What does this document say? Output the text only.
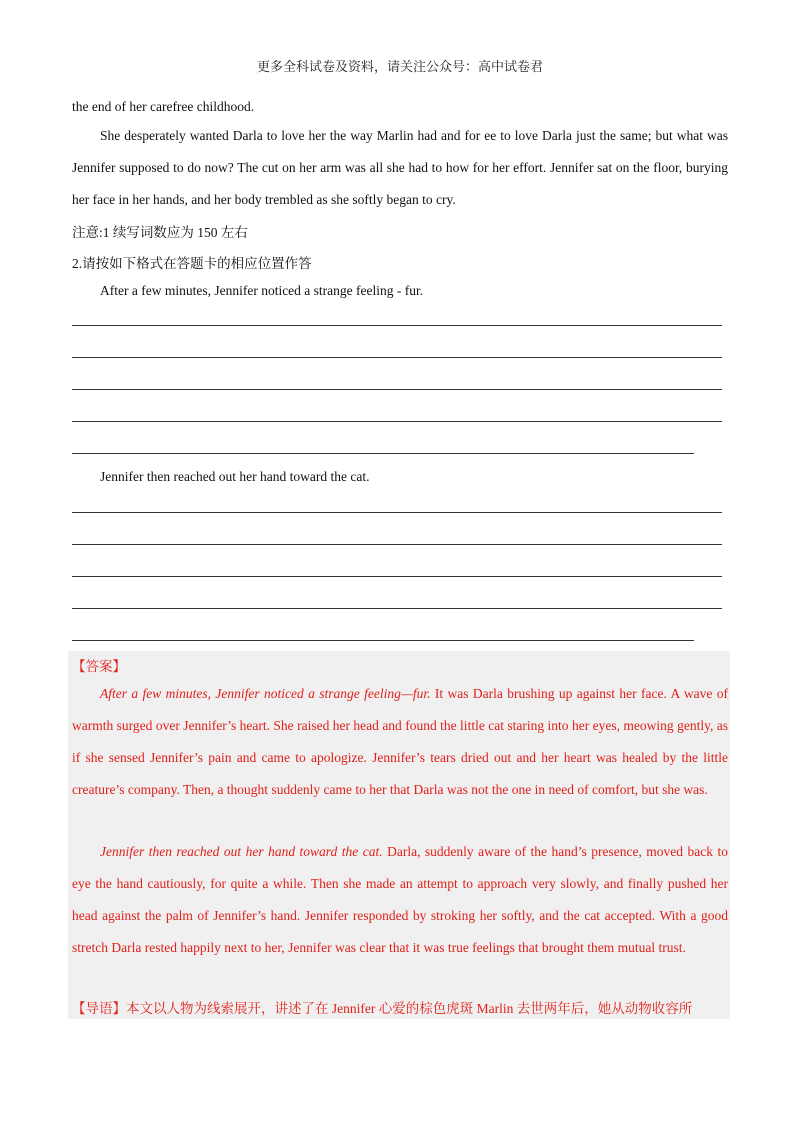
更多全科试卷及资料，请关注公众号：高中试卷君
the end of her carefree childhood.
She desperately wanted Darla to love her the way Marlin had and for ee to love Darla just the same; but what was Jennifer supposed to do now? The cut on her arm was all she had to how for her effort. Jennifer sat on the floor, burying her face in her hands, and her body trembled as she softly began to cry.
注意:1 续写词数应为 150 左右
2.请按如下格式在答题卡的相应位置作答
After a few minutes, Jennifer noticed a strange feeling - fur.
Jennifer then reached out her hand toward the cat.
【答案】
After a few minutes, Jennifer noticed a strange feeling—fur. It was Darla brushing up against her face. A wave of warmth surged over Jennifer’s heart. She raised her head and found the little cat staring into her eyes, meowing gently, as if she sensed Jennifer’s pain and came to apologize. Jennifer’s tears dried out and her heart was healed by the little creature’s company. Then, a thought suddenly came to her that Darla was not the one in need of comfort, but she was.
Jennifer then reached out her hand toward the cat. Darla, suddenly aware of the hand’s presence, moved back to eye the hand cautiously, for quite a while. Then she made an attempt to approach very slowly, and finally pushed her head against the palm of Jennifer’s hand. Jennifer responded by stroking her softly, and the cat accepted. With a good stretch Darla rested happily next to her, Jennifer was clear that it was true feelings that brought them mutual trust.
【导语】本文以人物为线索展开，讲述了在 Jennifer 心爱的棕色虎斑 Marlin 去世两年后，她从动物收容所
